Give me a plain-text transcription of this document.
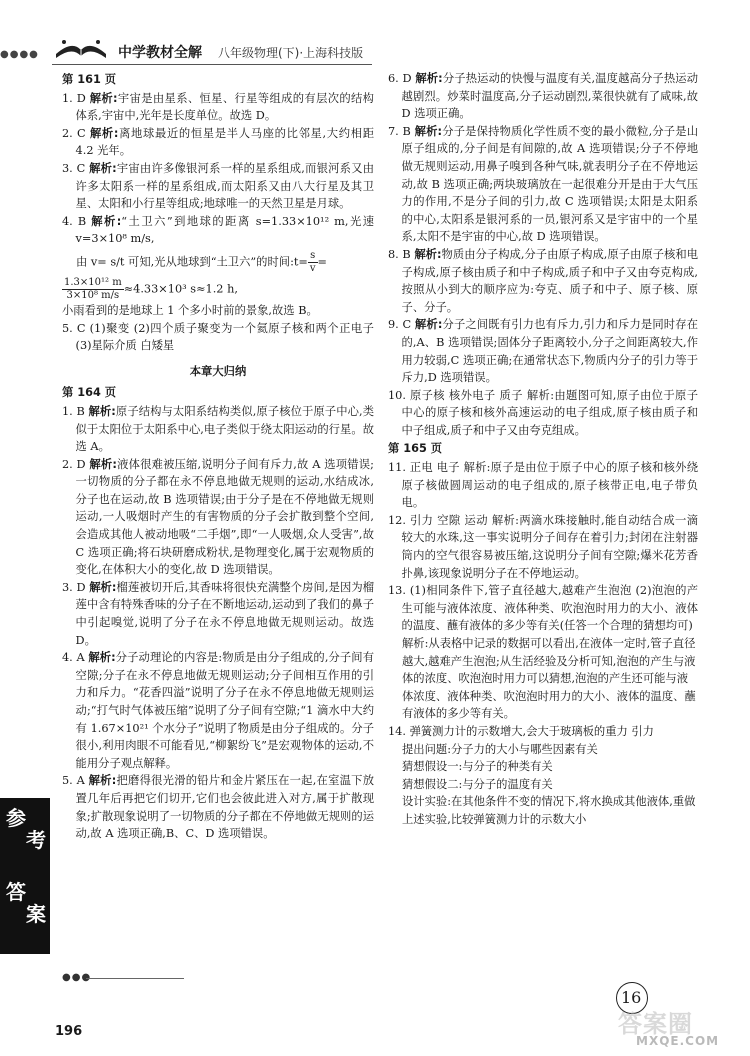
●●●●	中学教材全解 八年级物理(下)·上海科技版

第 161 页

1. D 解析:宇宙是由星系、恒星、行星等组成的有层次的结构体系,宇宙中,光年是长度单位。故选 D。

2. C 解析:离地球最近的恒星是半人马座的比邻星,大约相距 4.2 光年。

3. C 解析:宇宙由许多像银河系一样的星系组成,而银河系又由许多太阳系一样的星系组成,而太阳系又由八大行星及其卫星、太阳和小行星等组成;地球唯一的天然卫星是月球。

4. B 解析:“土卫六”到地球的距离 s=1.33×10¹² m,光速 v=3×10⁸ m/s,

由 v= s/t 可知,光从地球到“土卫六”的时间:t= $\frac{s}{v}$ =

$\frac{\text{1.3×10¹² m}}{\text{3×10⁸ m/s}} \approx 4.33\times 10^3$ s≈1.2 h,

小雨看到的是地球上 1 个多小时前的景象,故选 B。

5. C (1)聚变 (2)四个质子聚变为一个氦原子核和两个正电子 (3)星际介质 白矮星

本章大归纳

第 164 页

1. B 解析:原子结构与太阳系结构类似,原子核位于原子中心,类似于太阳位于太阳系中心,电子类似于绕太阳运动的行星。故选 A。

2. D 解析:液体很难被压缩,说明分子间有斥力,故 A 选项错误;一切物质的分子都在永不停息地做无规则的运动,水结成冰,分子也在运动,故 B 选项错误;由于分子是在不停地做无规则运动,一人吸烟时产生的有害物质的分子会扩散到整个空间,会造成其他人被动地吸“二手烟”,即“一人吸烟,众人受害”,故 C 选项正确;将石块研磨成粉状,是物理变化,属于宏观物质的变化,在体积大小的变化,故 D 选项错误。

3. D 解析:榴莲被切开后,其香味将很快充满整个房间,是因为榴莲中含有特殊香味的分子在不断地运动,运动到了我们的鼻子中引起嗅觉,说明了分子在永不停息地做无规则运动。故选 D。

4. A 解析:分子动理论的内容是:物质是由分子组成的,分子间有空隙;分子在永不停息地做无规则运动;分子间相互作用的引力和斥力。“花香四溢”说明了分子在永不停息地做无规则运动;“打气时气体被压缩”说明了分子间有空隙;“1 滴水中大约有 1.67×10²¹ 个水分子”说明了物质是由分子组成的。分子很小,利用肉眼不可能看见,“柳絮纷飞”是宏观物体的运动,不能用分子观点解释。

5. A 解析:把磨得很光滑的铅片和金片紧压在一起,在室温下放置几年后再把它们切开,它们也会彼此进入对方,属于扩散现象;扩散现象说明了一切物质的分子都在不停地做无规则的运动,故 A 选项正确,B、C、D 选项错误。

6. D 解析:分子热运动的快慢与温度有关,温度越高分子热运动越剧烈。炒菜时温度高,分子运动剧烈,菜很快就有了咸味,故 D 选项正确。

7. B 解析:分子是保持物质化学性质不变的最小微粒,分子是山原子组成的,分子间是有间隙的,故 A 选项错误;分子不停地做无规则运动,用鼻子嗅到各种气味,就表明分子在不停地运动,故 B 选项正确;两块玻璃放在一起很难分开是由于大气压力的作用,不是分子间的引力,故 C 选项错误;太阳是太阳系的中心,太阳系是银河系的一员,银河系又是宇宙中的一个星系,太阳不是宇宙的中心,故 D 选项错误。

8. B 解析:物质由分子构成,分子由原子构成,原子由原子核和电子构成,原子核由质子和中子构成,质子和中子又由夸克构成,按照从小到大的顺序应为:夸克、质子和中子、原子核、原子、分子。

9. C 解析:分子之间既有引力也有斥力,引力和斥力是同时存在的,A、B 选项错误;固体分子距离较小,分子之间距离较大,作用力较弱,C 选项正确;在通常状态下,物质内分子的引力等于斥力,D 选项错误。

10. 原子核 核外电子 质子 解析:由题图可知,原子由位于原子中心的原子核和核外高速运动的电子组成,原子核由质子和中子组成,质子和中子又由夸克组成。

第 165 页

11. 正电 电子 解析:原子是由位于原子中心的原子核和核外绕原子核做圆周运动的电子组成的,原子核带正电,电子带负电。

12. 引力 空隙 运动 解析:两滴水珠接触时,能自动结合成一滴较大的水珠,这一事实说明分子间存在着引力;封闭在注射器筒内的空气很容易被压缩,这说明分子间有空隙;爆米花芳香扑鼻,该现象说明分子在不停地运动。

13. (1)相同条件下,管子直径越大,越难产生泡泡 (2)泡泡的产生可能与液体浓度、液体种类、吹泡泡时用力的大小、液体的温度、蘸有液体的多少等有关(任答一个合理的猜想均可)

解析:从表格中记录的数据可以看出,在液体一定时,管子直径越大,越难产生泡泡;从生活经验及分析可知,泡泡的产生与液体的浓度、吹泡泡时用力可以猜想,泡泡的产生还可能与液体浓度、液体种类、吹泡泡时用力的大小、液体的温度、蘸有液体的多少等有关。

14. 弹簧测力计的示数增大,会大于玻璃板的重力 引力

提出问题:分子力的大小与哪些因素有关

猜想假设一:与分子的种类有关

猜想假设二:与分子的温度有关

设计实验:在其他条件不变的情况下,将水换成其他液体,重做上述实验,比较弹簧测力计的示数大小

参
考
答
案
●●●
196
16
答案圈
MXQE.COM
